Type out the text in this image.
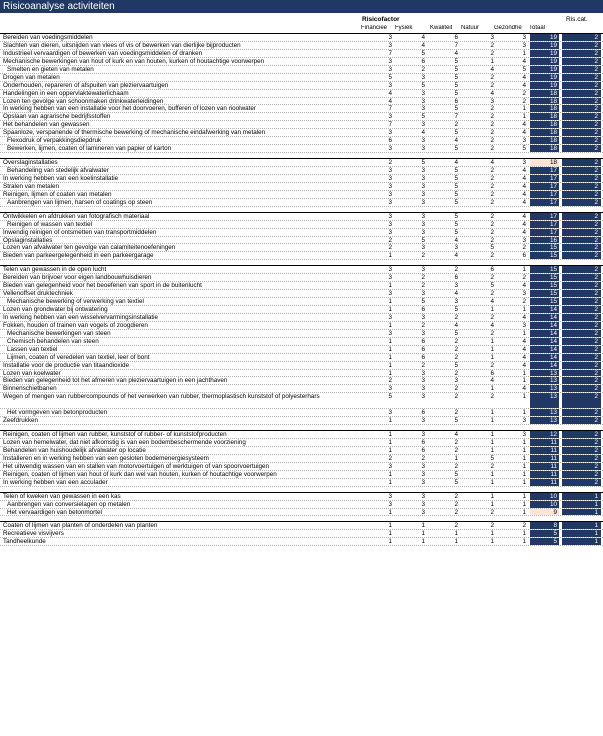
Risicoanalyse activiteiten
Risicofactor	Ris.cat.
Financiee	Fysiek	Kwaliteit	Natuur	Gezondhe	Totaal
Bereiden van voedingsmiddelen	3	4	6	3	3	19	2
Slachten van dieren, uitsnijden van vlees of vis of bewerken van dierlijke bijproducten	3	4	7	2	3	19	2
Industrieel vervaardigen of bewerken van voedingsmiddelen of dranken	7	5	4	2	1	19	2
Mechanische bewerkingen van hout of kurk en van houten, kurken of houtachtige voorwerpen	3	6	5	1	4	19	2
Smelten en gieten van metalen	3	2	5	4	5	19	2
Drogen van metalen	5	3	5	2	4	19	2
Onderhouden, repareren of afspuiten van pleziervaartuigen	3	5	5	2	4	19	2
Handelingen in een oppervlaktewaterlichaam	4	3	5	4	2	18	2
Lozen ten gevolge van schoonmaken drinkwaterleidingen	4	3	6	3	2	18	2
In werking hebben van een installatie voor het doorvoeren, bufferen of lozen van rioolwater	7	3	5	2	1	18	2
Opslaan van agrarische bedrijfsstoffen	3	5	7	2	1	18	2
Het behandelen van gewassen	7	3	2	2	4	18	2
Spaanloze, verspanende of thermische bewerking of mechanische eindafwerking van metalen	3	4	5	2	4	18	2
Flexodruk of verpakkingsdiepdruk	6	3	4	2	3	18	2
Bewerken, lijmen, coaten of lamineren van papier of karton	3	3	5	2	5	18	2
Overslaginstallaties	2	5	4	4	3	18	2
Behandeling van stedelijk afvalwater	3	3	5	2	4	17	2
In werking hebben van een koelinstallatie	3	3	5	2	4	17	2
Stralen van metalen	3	3	5	2	4	17	2
Reinigen, lijmen of coaten van metalen	3	3	5	2	4	17	2
Aanbrengen van lijmen, harsen of coatings op steen	3	3	5	2	4	17	2
Ontwikkelen en afdrukken van fotografisch materiaal	3	3	5	2	4	17	2
Reinigen of wassen van textiel	3	3	5	2	4	17	2
Inwendig reinigen of ontsmetten van transportmiddelen	3	3	5	2	4	17	2
Opslaginstallaties	2	5	4	2	3	16	2
Lozen van afvalwater ten gevolge van calamiteitenoefeningen	2	3	3	5	2	15	2
Bieden van parkeergelegenheid in een parkeergarage	1	2	4	2	6	15	2
Telen van gewassen in de open lucht	3	3	2	6	1	15	2
Bereiden van brijvoer voor eigen landbouwhuisdieren	3	2	6	2	2	15	2
Bieden van gelegenheid voor het beoefenen van sport in de buitenlucht	1	2	3	5	4	15	2
Vellenoffset druktechniek	3	3	4	2	3	15	2
Mechanische bewerking of verwerking van textiel	1	5	3	4	2	15	2
Lozen van grondwater bij ontwatering	1	6	5	1	1	14	2
In werking hebben van een wisselvervarmingsinstallatie	3	3	2	2	4	14	2
Fokken, houden of trainen van vogels of zoogdieren	1	2	4	4	3	14	2
Mechanische bewerkingen van steen	3	3	5	2	1	14	2
Chemisch behandelen van steen	1	6	2	1	4	14	2
Lassen van textiel	1	6	2	1	4	14	2
Lijmen, coaten of veredelen van textiel, leer of bont	1	6	2	1	4	14	2
Installatie voor de productie van titaandioxide	1	2	5	2	4	14	2
Lozen van koelwater	1	3	2	6	1	13	2
Bieden van gelegenheid tot het afmeren van pleziervaartuigen in een jachthaven	2	3	3	4	1	13	2
Binnenschietbanen	3	3	2	1	4	13	2
Wegen of mengen van rubbercompounds of het verwerken van rubber, thermoplastisch kunststof of polyesterhars	5	3	2	2	1	13	2
Het vormgeven van betonproducten	3	6	2	1	1	13	2
Zeefdrukken	1	3	5	1	3	13	2
Reinigen, coaten of lijmen van rubber, kunststof of rubber- of kunststofproducten	1	3	4	1	3	12	2
Lozen van hemelwater, dat niet afkomstig is van een bodembeschermende voorziening	1	6	2	1	1	11	2
Behandelen van huishoudelijk afvalwater op locatie	1	6	2	1	1	11	2
Installeren en in werking hebben van een gesloten bodemenergiesysteem	2	2	1	5	1	11	2
Het uitwendig wassen van en stallen van motorvoertuigen of werktuigen of van spoorvoertuigen	3	3	2	2	1	11	2
Reinigen, coaten of lijmen van hout of kurk dan wel van houten, kurken of houtachtige voorwerpen	1	3	5	1	1	11	2
In werking hebben van een acculader	1	3	5	1	1	11	2
Telen of kweken van gewassen in een kas	3	3	2	1	1	10	1
Aanbrengen van conversielagen op metalen	3	3	2	1	1	10	1
Het vervaardigen van betonmortel	1	3	2	2	1	9	1
Coaten of lijmen van planten of onderdelen van planten	1	1	2	2	2	8	1
Recreatieve visvijvers	1	1	1	1	1	5	1
Tandheelkunde	1	1	1	1	1	5	1
